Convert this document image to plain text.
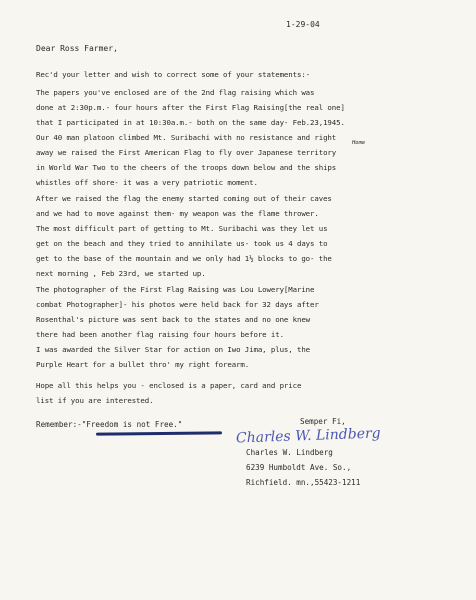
1-29-04
Dear Ross Farmer,
Rec'd your letter and wish to correct some of your statements:-
The papers you've enclosed are of the 2nd flag raising which was
done at 2:30p.m.- four hours after the First Flag Raising[the real one]
that I participated in at 10:30a.m.- both on the same day- Feb.23,1945.
Our 40 man platoon climbed Mt. Suribachi with no resistance and right
Home
away we raised the First American Flag to fly over Japanese territory
in World War Two to the cheers of the troops down below and the ships
whistles off shore- it was a very patriotic moment.
After we raised the flag the enemy started coming out of their caves
and we had to move against them- my weapon was the flame thrower.
The most difficult part of getting to Mt. Suribachi was they let us
get on the beach and they tried to annihilate us- took us 4 days to
get to the base of the mountain and we only had 1½ blocks to go- the
next morning , Feb 23rd, we started up.
The photographer of the First Flag Raising was Lou Lowery[Marine
combat Photographer]- his photos were held back for 32 days after
Rosenthal's picture was sent back to the states and no one knew
there had been another flag raising four hours before it.
I was awarded the Silver Star for action on Iwo Jima, plus, the
Purple Heart for a bullet thro' my right forearm.
Hope all this helps you - enclosed is a paper, card and price
list if you are interested.
Remember:-"Freedom is not Free."	Semper Fi,
Charles W. Lindberg
Charles W. Lindberg
6239 Humboldt Ave. So.,
Richfield. mn.,55423-1211
